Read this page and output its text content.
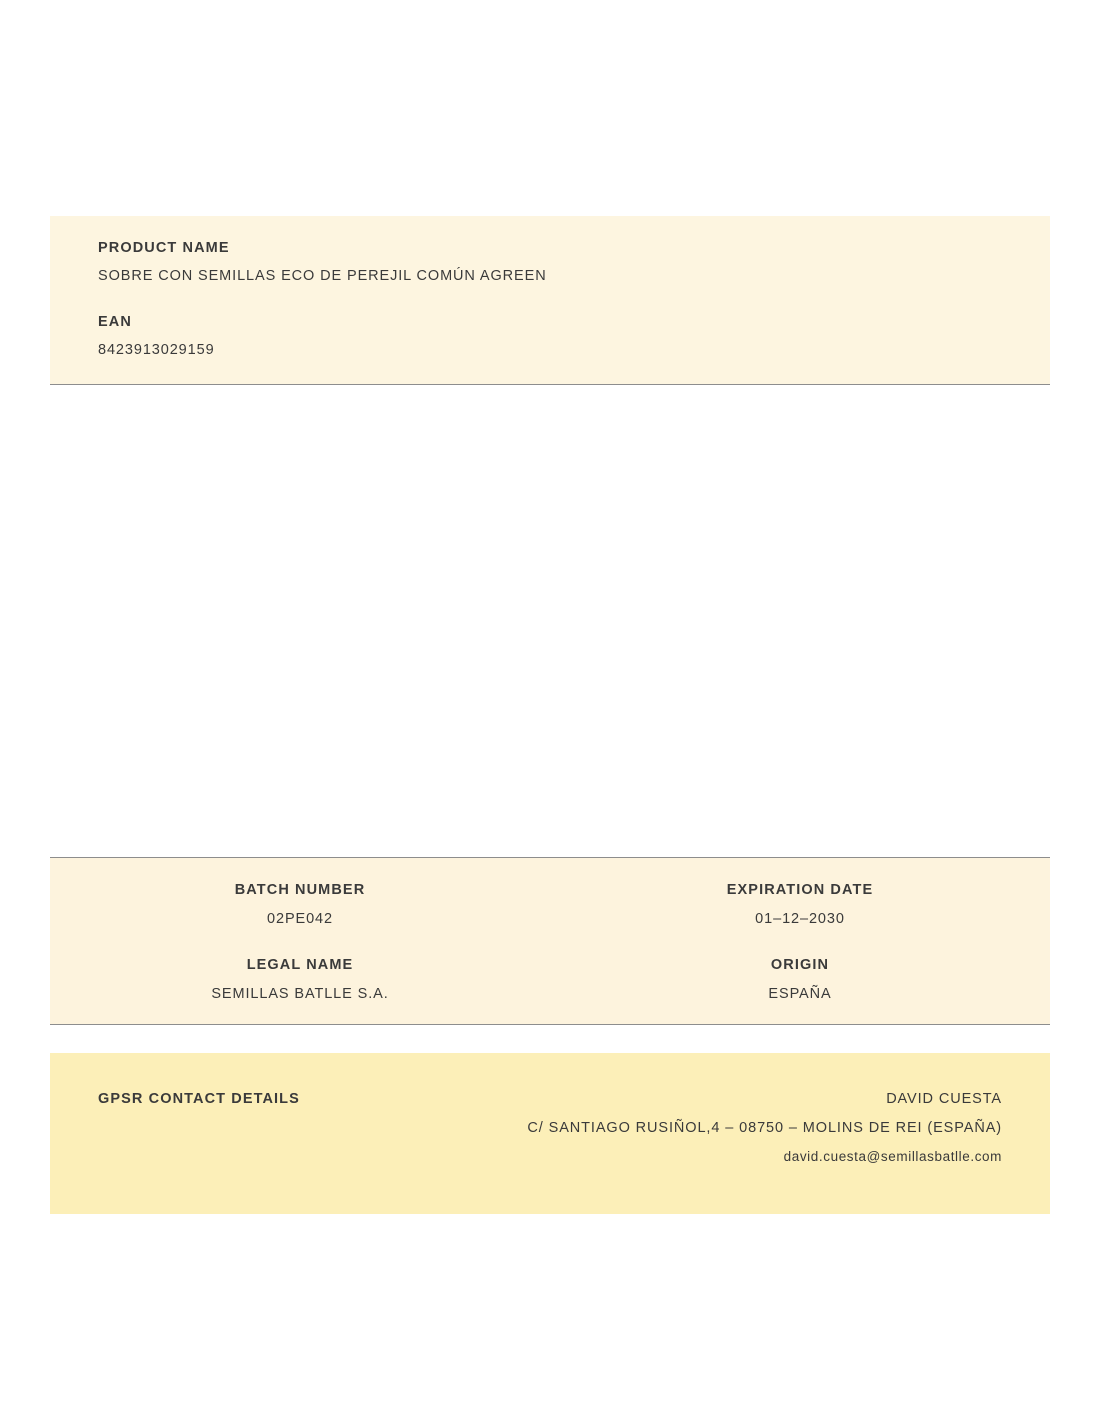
PRODUCT NAME

SOBRE CON SEMILLAS ECO DE PEREJIL COMÚN AGREEN

EAN

8423913029159

BATCH NUMBER

02PE042

EXPIRATION DATE

01–12–2030

LEGAL NAME

SEMILLAS BATLLE S.A.

ORIGIN

ESPAÑA

GPSR CONTACT DETAILS	DAVID CUESTA

C/ SANTIAGO RUSIÑOL,4 – 08750 – MOLINS DE REI (ESPAÑA)

david.cuesta@semillasbatlle.com
